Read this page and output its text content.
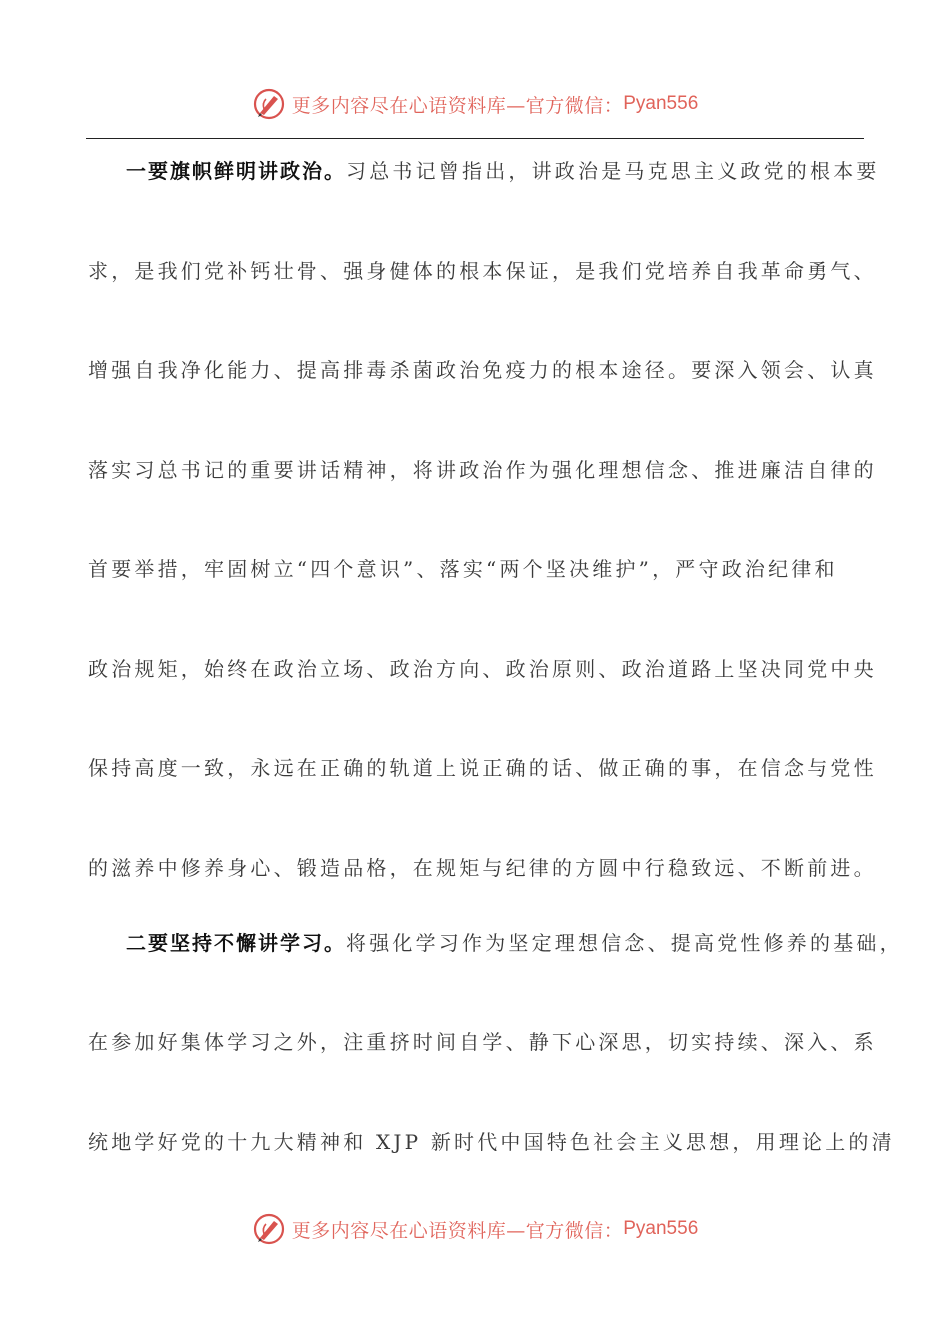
更多内容尽在心语资料库—官方微信： Pyan556
一要旗帜鲜明讲政治。习总书记曾指出，讲政治是马克思主义政党的根本要
求，是我们党补钙壮骨、强身健体的根本保证，是我们党培养自我革命勇气、
增强自我净化能力、提高排毒杀菌政治免疫力的根本途径。要深入领会、认真
落实习总书记的重要讲话精神，将讲政治作为强化理想信念、推进廉洁自律的
首要举措，牢固树立“四个意识”、落实“两个坚决维护”，严守政治纪律和
政治规矩，始终在政治立场、政治方向、政治原则、政治道路上坚决同党中央
保持高度一致，永远在正确的轨道上说正确的话、做正确的事，在信念与党性
的滋养中修养身心、锻造品格，在规矩与纪律的方圆中行稳致远、不断前进。
二要坚持不懈讲学习。将强化学习作为坚定理想信念、提高党性修养的基础，
在参加好集体学习之外，注重挤时间自学、静下心深思，切实持续、深入、系
统地学好党的十九大精神和 XJP 新时代中国特色社会主义思想，用理论上的清
更多内容尽在心语资料库—官方微信： Pyan556
